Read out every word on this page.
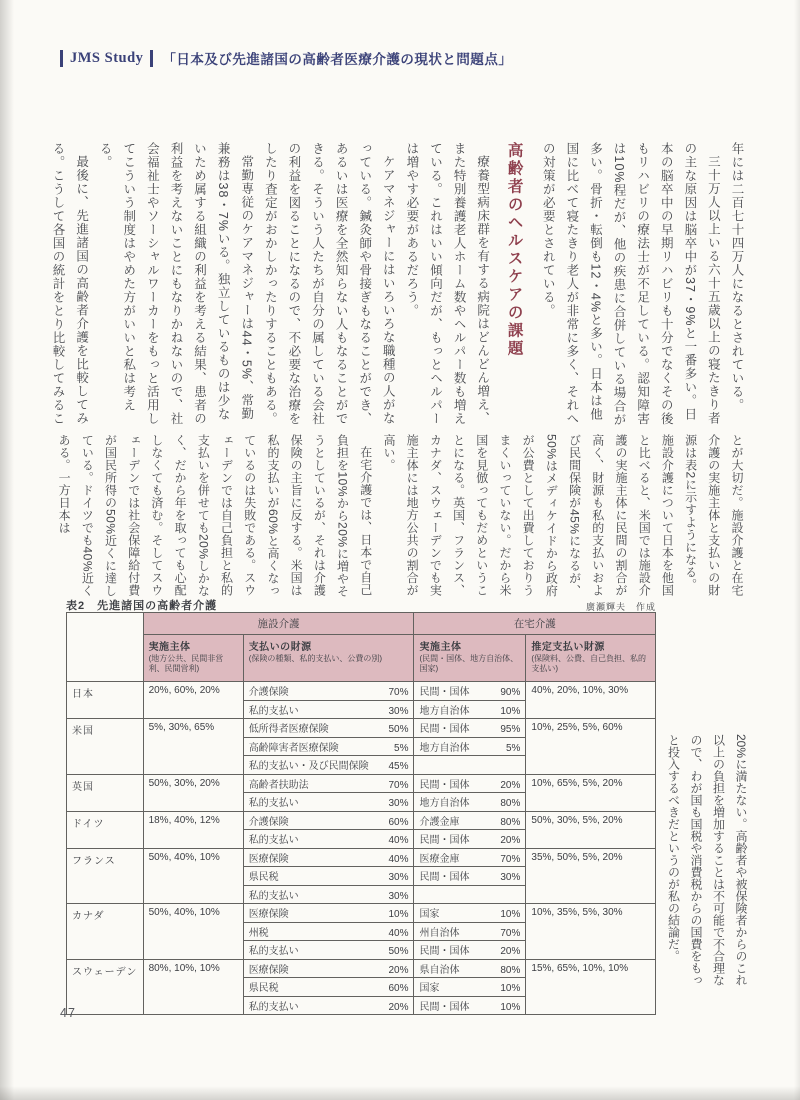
JMS Study 「日本及び先進諸国の高齢者医療介護の現状と問題点」

年には二百七十四万人になるとされている。

三十万人以上いる六十五歳以上の寝たきり者の主な原因は脳卒中が37・9%と一番多い。日本の脳卒中の早期リハビリも十分でなくその後もリハビリの療法士が不足している。認知障害は10%程だが、他の疾患に合併している場合が多い。骨折・転倒も12・4%と多い。日本は他国に比べて寝たきり老人が非常に多く、それへの対策が必要とされている。

高齢者のヘルスケアの課題

療養型病床群を有する病院はどんどん増え、また特別養護老人ホーム数やヘルパー数も増えている。これはいい傾向だが、もっとヘルパーは増やす必要があるだろう。

ケアマネジャーにはいろいろな職種の人がなっている。鍼灸師や骨接ぎもなることができ、あるいは医療を全然知らない人もなることができる。そういう人たちが自分の属している会社の利益を図ることになるので、不必要な治療をしたり査定がおかしかったりすることもある。

常勤専従のケアマネジャーは44・5%、常勤兼務は38・7%いる。独立しているものは少ないため属する組織の利益を考える結果、患者の利益を考えないことにもなりかねないので、社会福祉士やソーシャルワーカーをもっと活用してこういう制度はやめた方がいいと私は考える。

最後に、先進諸国の高齢者介護を比較してみる。こうして各国の統計をとり比較してみるこ

とが大切だ。施設介護と在宅介護の実施主体と支払いの財源は表2に示すようになる。施設介護について日本を他国と比べると、米国では施設介護の実施主体に民間の割合が高く、財源も私的支払いおよび民間保険が45%になるが、50%はメディケイドから政府が公費として出費しておりうまくいっていない。だから米国を見倣ってもだめということになる。英国、フランス、カナダ、スウェーデンでも実施主体には地方公共の割合が高い。

在宅介護では、日本で自己負担を10%から20%に増やそうとしているが、それは介護保険の主旨に反する。米国は私的支払いが60%と高くなっているのは失敗である。スウェーデンでは自己負担と私的支払いを併せても20%しかなく、だから年を取っても心配しなくても済む。そしてスウェーデンでは社会保障給付費が国民所得の50%近くに達している。ドイツでも40%近くある。一方日本は

20%に満たない。高齢者や被保険者からのこれ以上の負担を増加することは不可能で不合理なので、わが国も国税や消費税からの国費をもっと投入するべきだというのが私の結論だ。

表2　先進諸国の高齢者介護	廣瀬輝夫　作成
	施設介護		在宅介護	

実施主体
(地方公共、民間非営利、民間営利)

支払いの財源
(保険の種類、私的支払い、公費の別)

実施主体
(民間・国体、地方自治体、国家)

推定支払い財源
(保険料、公費、自己負担、私的支払い)

日本	20%, 60%, 20%	介護保険 70%	民間・国体 90%	40%, 20%, 10%, 30%

		私的支払い 30%	地方自治体 10%	

米国	5%, 30%, 65%	低所得者医療保険 50%	民間・国体 95%	10%, 25%, 5%, 60%

		高齢障害者医療保険 5%	地方自治体 5%	

		私的支払い・及び民間保険 45%		

英国	50%, 30%, 20%	高齢者扶助法 70%	民間・国体 20%	10%, 65%, 5%, 20%

		私的支払い 30%	地方自治体 80%	

ドイツ	18%, 40%, 12%	介護保険 60%	介護金庫 80%	50%, 30%, 5%, 20%

		私的支払い 40%	民間・国体 20%	

フランス	50%, 40%, 10%	医療保険 40%	医療金庫 70%	35%, 50%, 5%, 20%

		県民税 30%	民間・国体 30%	

		私的支払い 30%		

カナダ	50%, 40%, 10%	医療保険 10%	国家 10%	10%, 35%, 5%, 30%

		州税 40%	州自治体 70%	

		私的支払い 50%	民間・国体 20%	

スウェーデン	80%, 10%, 10%	医療保険 20%	県自治体 80%	15%, 65%, 10%, 10%

		県民税 60%	国家 10%	

		私的支払い 20%	民間・国体 10%	
47
